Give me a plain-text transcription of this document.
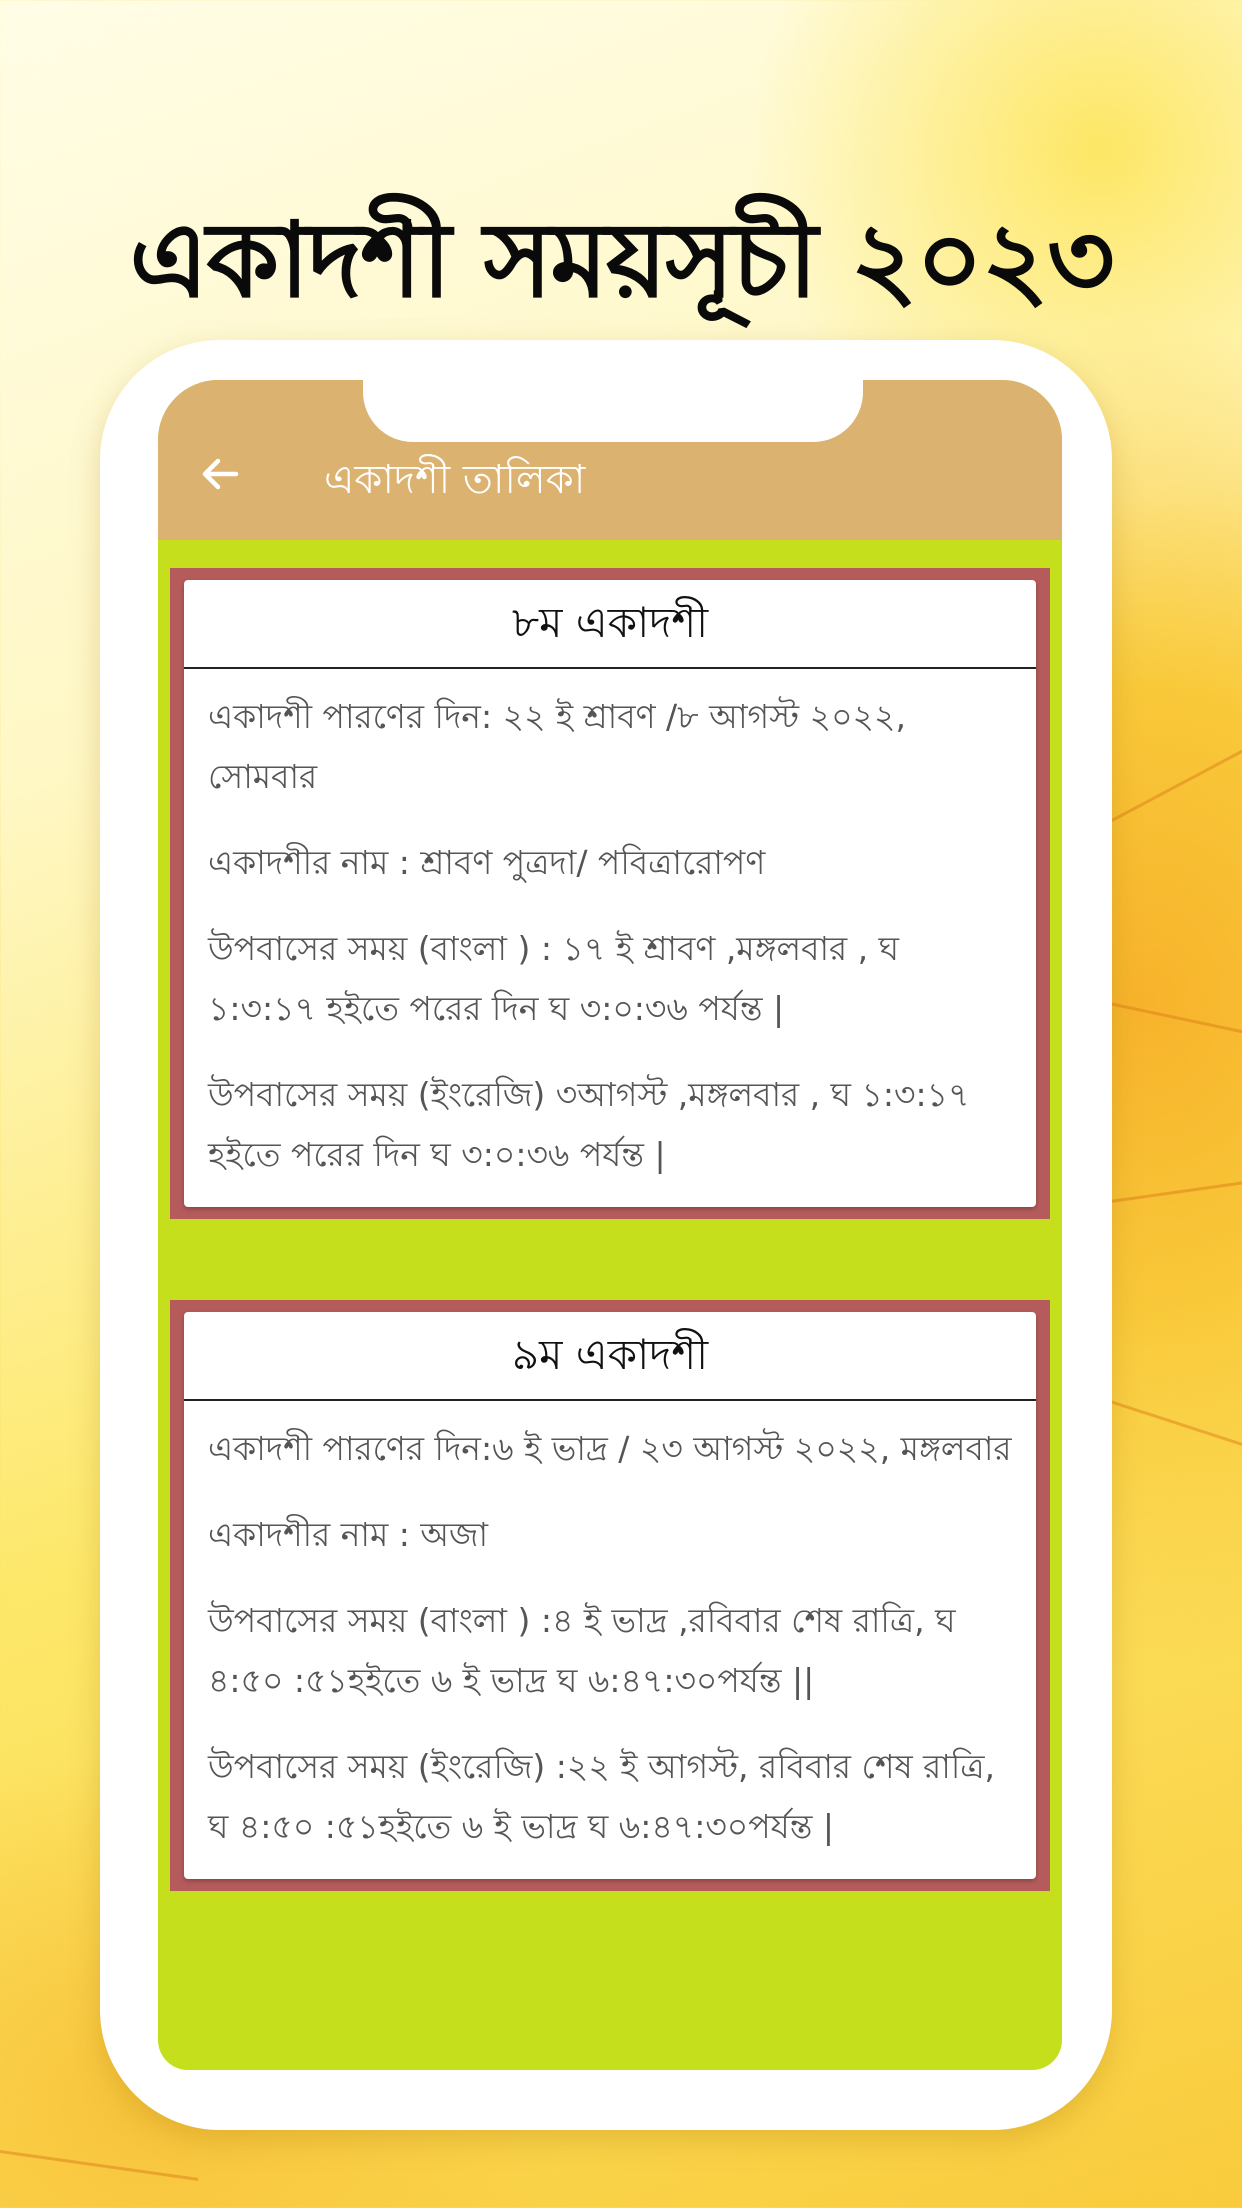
একাদশী সময়সূচী ২০২৩
একাদশী তালিকা
৮ম একাদশী
একাদশী পারণের দিন: ২২ ই শ্রাবণ /৮ আগস্ট ২০২২, সোমবার
একাদশীর নাম : শ্রাবণ পুত্রদা/ পবিত্রারোপণ
উপবাসের সময় (বাংলা ) : ১৭ ই শ্রাবণ ,মঙ্গলবার , ঘ ১:৩:১৭ হইতে পরের দিন ঘ ৩:০:৩৬ পর্যন্ত |
উপবাসের সময় (ইংরেজি) ৩আগস্ট ,মঙ্গলবার , ঘ ১:৩:১৭ হইতে পরের দিন ঘ ৩:০:৩৬ পর্যন্ত |
৯ম একাদশী
একাদশী পারণের দিন:৬ ই ভাদ্র / ২৩ আগস্ট ২০২২, মঙ্গলবার
একাদশীর নাম : অজা
উপবাসের সময় (বাংলা ) :৪ ই ভাদ্র ,রবিবার শেষ রাত্রি, ঘ ৪:৫০ :৫১হইতে ৬ ই ভাদ্র ঘ ৬:৪৭:৩০পর্যন্ত ||
উপবাসের সময় (ইংরেজি) :২২ ই আগস্ট, রবিবার শেষ রাত্রি, ঘ ৪:৫০ :৫১হইতে ৬ ই ভাদ্র ঘ ৬:৪৭:৩০পর্যন্ত |
